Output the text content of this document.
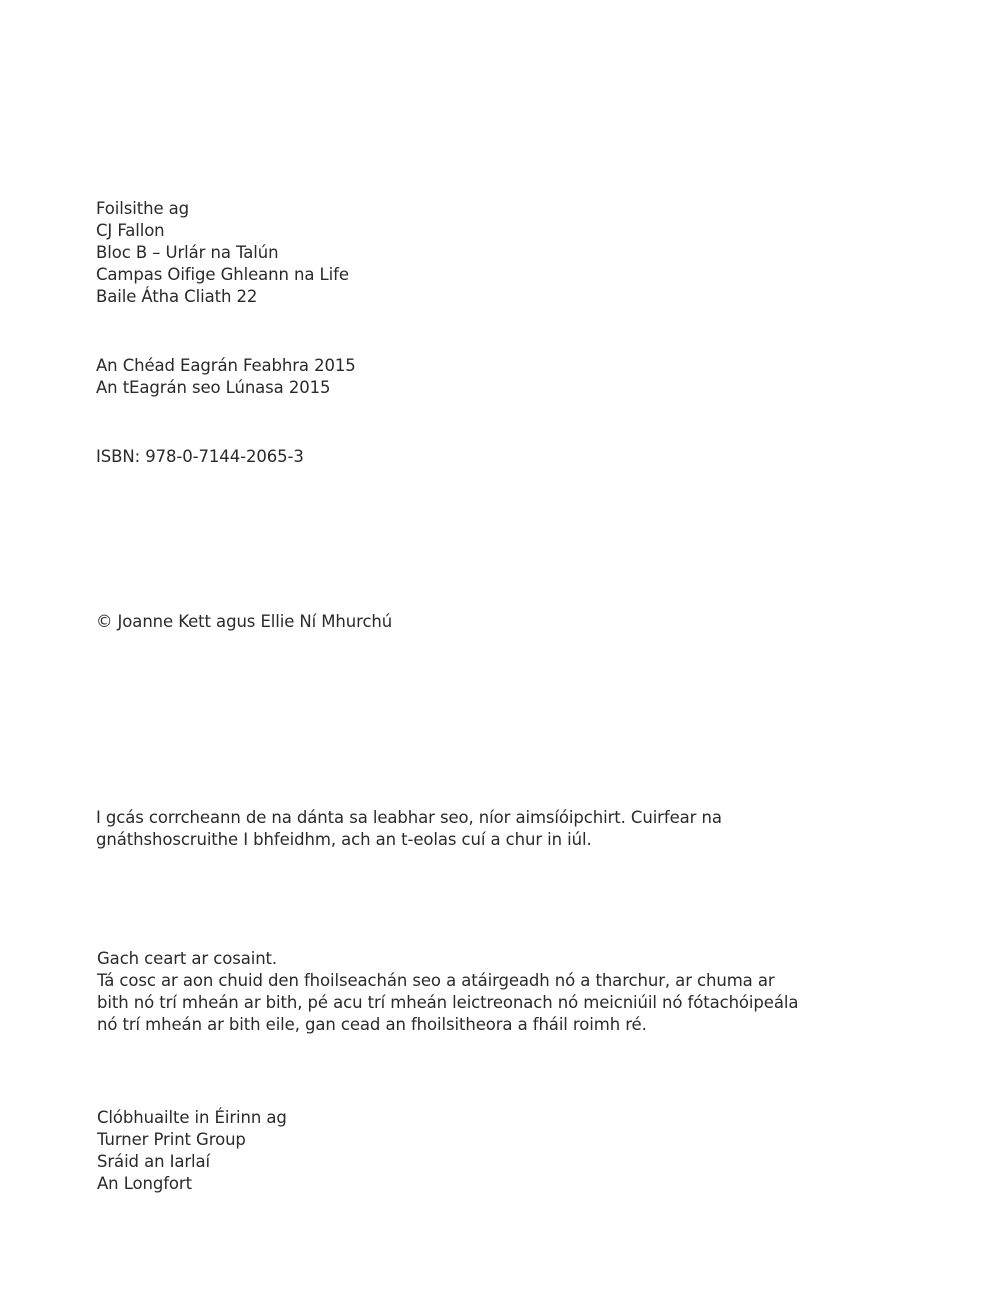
Foilsithe ag
CJ Fallon
Bloc B – Urlár na Talún
Campas Oifige Ghleann na Life
Baile Átha Cliath 22
An Chéad Eagrán Feabhra 2015
An tEagrán seo Lúnasa 2015
ISBN: 978-0-7144-2065-3
© Joanne Kett agus Ellie Ní Mhurchú
I gcás corrcheann de na dánta sa leabhar seo, níor aimsíóipchirt. Cuirfear na
gnáthshoscruithe I bhfeidhm, ach an t-eolas cuí a chur in iúl.
Gach ceart ar cosaint.
Tá cosc ar aon chuid den fhoilseachán seo a atáirgeadh nó a tharchur, ar chuma ar
bith nó trí mheán ar bith, pé acu trí mheán leictreonach nó meicniúil nó fótachóipeála
nó trí mheán ar bith eile, gan cead an fhoilsitheora a fháil roimh ré.
Clóbhuailte in Éirinn ag
Turner Print Group
Sráid an Iarlaí
An Longfort
